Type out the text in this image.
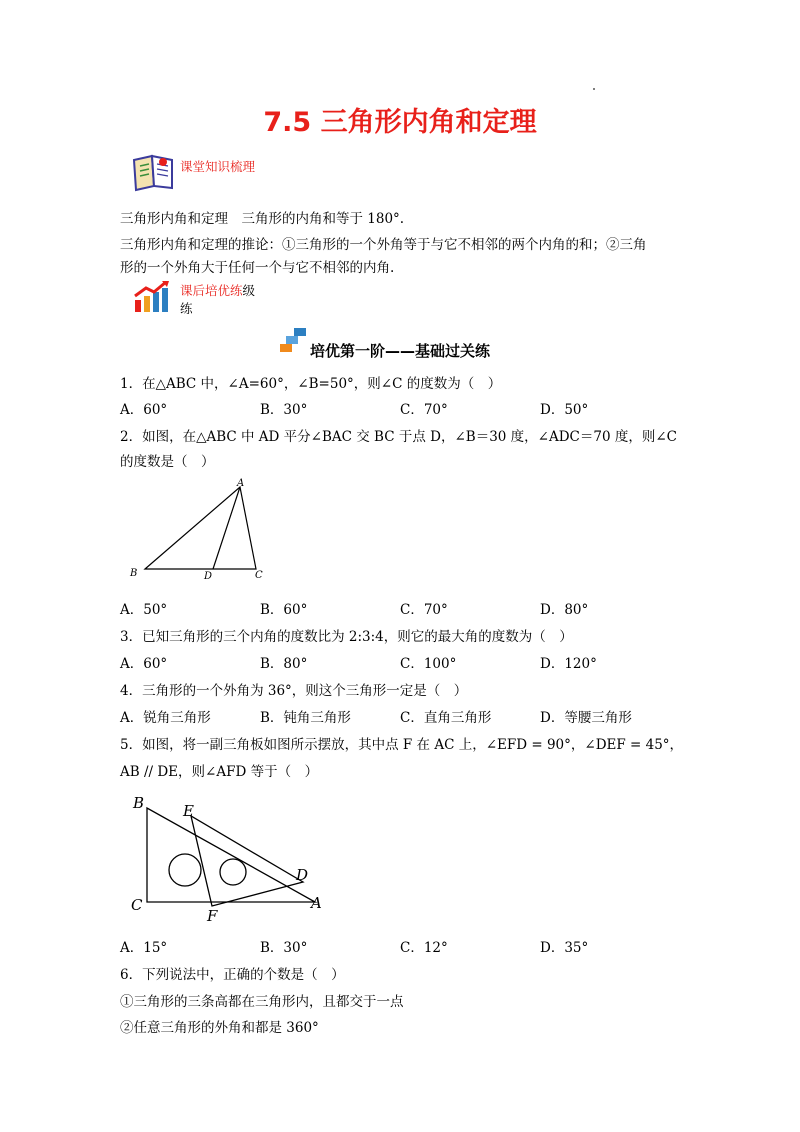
7.5 三角形内角和定理
课堂知识梳理
三角形内角和定理　三角形的内角和等于 180°.
三角形内角和定理的推论：①三角形的一个外角等于与它不相邻的两个内角的和；②三角
形的一个外角大于任何一个与它不相邻的内角.
课后培优练级
练
培优第一阶——基础过关练
1．在△ABC 中，∠A=60°，∠B=50°，则∠C 的度数为（　）
A．60°	B．30°	C．70°	D．50°
2．如图，在△ABC 中 AD 平分∠BAC 交 BC 于点 D，∠B＝30 度，∠ADC＝70 度，则∠C
的度数是（　）
A
B	D	C
A．50°	B．60°	C．70°	D．80°
3．已知三角形的三个内角的度数比为 2:3:4，则它的最大角的度数为（　）
A．60°	B．80°	C．100°	D．120°
4．三角形的一个外角为 36°，则这个三角形一定是（　）
A．锐角三角形	B．钝角三角形	C．直角三角形	D．等腰三角形
5．如图，将一副三角板如图所示摆放，其中点 F 在 AC 上，∠EFD = 90°，∠DEF = 45°，
AB // DE，则∠AFD 等于（　）
B	E
D
C
F
A
A．15°	B．30°	C．12°	D．35°
6．下列说法中，正确的个数是（　）
①三角形的三条高都在三角形内，且都交于一点
②任意三角形的外角和都是 360°
